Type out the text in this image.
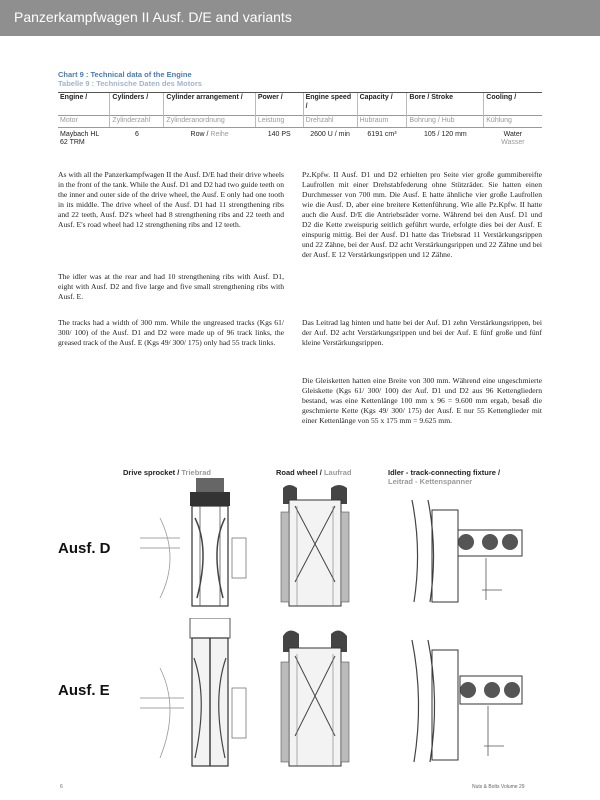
Panzerkampfwagen II Ausf. D/E and variants
Chart 9 : Technical data of the Engine
Tabelle 9 : Technische Daten des Motors
Engine /	Cylinders /	Cylinder arrangement /	Power /	Engine speed /	Capacity /	Bore / Stroke	Cooling /
Motor	Zylinderzahl	Zylinderanordnung	Leistung	Drehzahl	Hubraum	Bohrung / Hub	Kühlung
Maybach HL 62 TRM	6	Row / Reihe	140 PS	2600 U / min	6191 cm³	105 / 120 mm	Water
Wasser
As with all the Panzerkampfwagen II the Ausf. D/E had their drive wheels in the front of the tank. While the Ausf. D1 and D2 had two guide teeth on the inner and outer side of the drive wheel, the Ausf. E only had one tooth in its middle. The drive wheel of the Ausf. D1 had 11 strengthening ribs and 22 teeth, Ausf. D2's wheel had 8 strengthening ribs and 22 teeth and Ausf. E's road wheel had 12 strengthening ribs and 12 teeth.
The idler was at the rear and had 10 strengthening ribs with Ausf. D1, eight with Ausf. D2 and five large and five small strengthening ribs with Ausf. E.
The tracks had a width of 300 mm. While the ungreased tracks (Kgs 61/ 300/ 100) of the Ausf. D1 and D2 were made up of 96 track links, the greased track of the Ausf. E (Kgs 49/ 300/ 175) only had 55 track links.
Pz.Kpfw. II Ausf. D1 und D2 erhielten pro Seite vier große gummibereifte Laufrollen mit einer Drehstabfederung ohne Stützräder. Sie hatten einen Durchmesser von 700 mm. Die Ausf. E hatte ähnliche vier große Laufrollen wie die Ausf. D, aber eine breitere Kettenführung. Wie alle Pz.Kpfw. II hatte auch die Ausf. D/E die Antriebsräder vorne. Während bei den Ausf. D1 und D2 die Kette zweispurig seitlich geführt wurde, erfolgte dies bei der Ausf. E einspurig mittig. Bei der Ausf. D1 hatte das Triebsrad 11 Verstärkungsrippen und 22 Zähne, bei der Ausf. D2 acht Verstärkungsrippen und 22 Zähne und bei der Ausf. E 12 Verstärkungsrippen und 12 Zähne.
Das Leitrad lag hinten und hatte bei der Auf. D1 zehn Verstärkungsrippen, bei der Auf. D2 acht Verstärkungsrippen und bei der Auf. E fünf große und fünf kleine Verstärkungsrippen.
Die Gleisketten hatten eine Breite von 300 mm. Während eine ungeschmierte Gleiskette (Kgs 61/ 300/ 100) der Auf. D1 und D2 aus 96 Kettengliedern bestand, was eine Kettenlänge 100 mm x 96 = 9.600 mm ergab, besaß die geschmierte Kette (Kgs 49/ 300/ 175) der Ausf. E nur 55 Kettenglieder mit einer Kettenlänge von 55 x 175 mm = 9.625 mm.
Drive sprocket / Triebrad	Road wheel / Laufrad	Idler - track-connecting fixture /
Leitrad - Kettenspanner
Ausf. D
Ausf. E
6	Nuts & Bolts Volume 29
